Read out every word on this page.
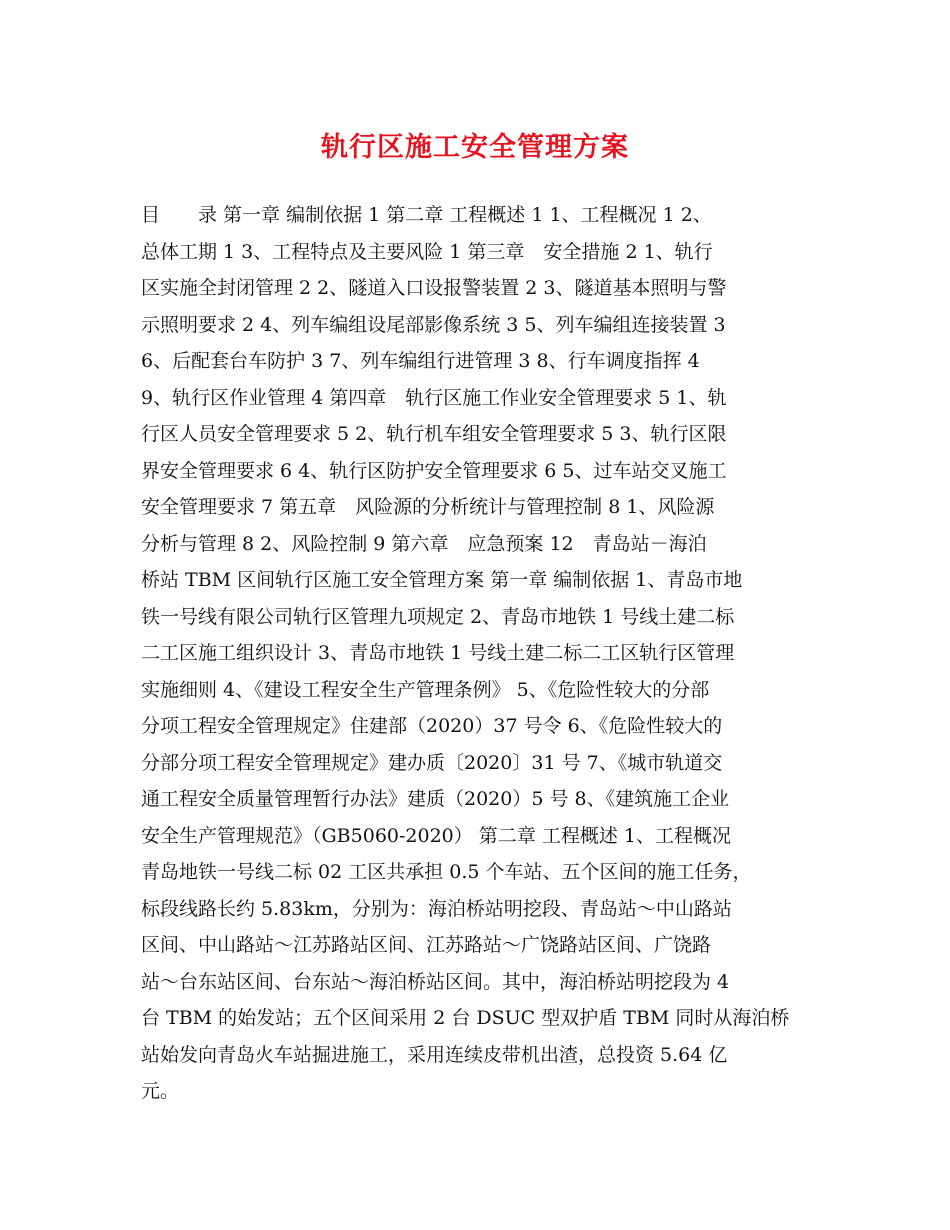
轨行区施工安全管理方案
目　　录 第一章 编制依据 1 第二章 工程概述 1 1、工程概况 1 2、
总体工期 1 3、工程特点及主要风险 1 第三章　安全措施 2 1、轨行
区实施全封闭管理 2 2、隧道入口设报警装置 2 3、隧道基本照明与警
示照明要求 2 4、列车编组设尾部影像系统 3 5、列车编组连接装置 3
6、后配套台车防护 3 7、列车编组行进管理 3 8、行车调度指挥 4
9、轨行区作业管理 4 第四章　轨行区施工作业安全管理要求 5 1、轨
行区人员安全管理要求 5 2、轨行机车组安全管理要求 5 3、轨行区限
界安全管理要求 6 4、轨行区防护安全管理要求 6 5、过车站交叉施工
安全管理要求 7 第五章　风险源的分析统计与管理控制 8 1、风险源
分析与管理 8 2、风险控制 9 第六章　应急预案 12　青岛站－海泊
桥站 TBM 区间轨行区施工安全管理方案 第一章 编制依据 1、青岛市地
铁一号线有限公司轨行区管理九项规定 2、青岛市地铁 1 号线土建二标
二工区施工组织设计 3、青岛市地铁 1 号线土建二标二工区轨行区管理
实施细则 4、《建设工程安全生产管理条例》 5、《危险性较大的分部
分项工程安全管理规定》住建部（2020）37 号令 6、《危险性较大的
分部分项工程安全管理规定》建办质〔2020〕31 号 7、《城市轨道交
通工程安全质量管理暂行办法》建质（2020）5 号 8、《建筑施工企业
安全生产管理规范》（GB5060-2020） 第二章 工程概述 1、工程概况
青岛地铁一号线二标 02 工区共承担 0.5 个车站、五个区间的施工任务，
标段线路长约 5.83km，分别为：海泊桥站明挖段、青岛站～中山路站
区间、中山路站～江苏路站区间、江苏路站～广饶路站区间、广饶路
站～台东站区间、台东站～海泊桥站区间。其中，海泊桥站明挖段为 4
台 TBM 的始发站；五个区间采用 2 台 DSUC 型双护盾 TBM 同时从海泊桥
站始发向青岛火车站掘进施工，采用连续皮带机出渣，总投资 5.64 亿
元。
